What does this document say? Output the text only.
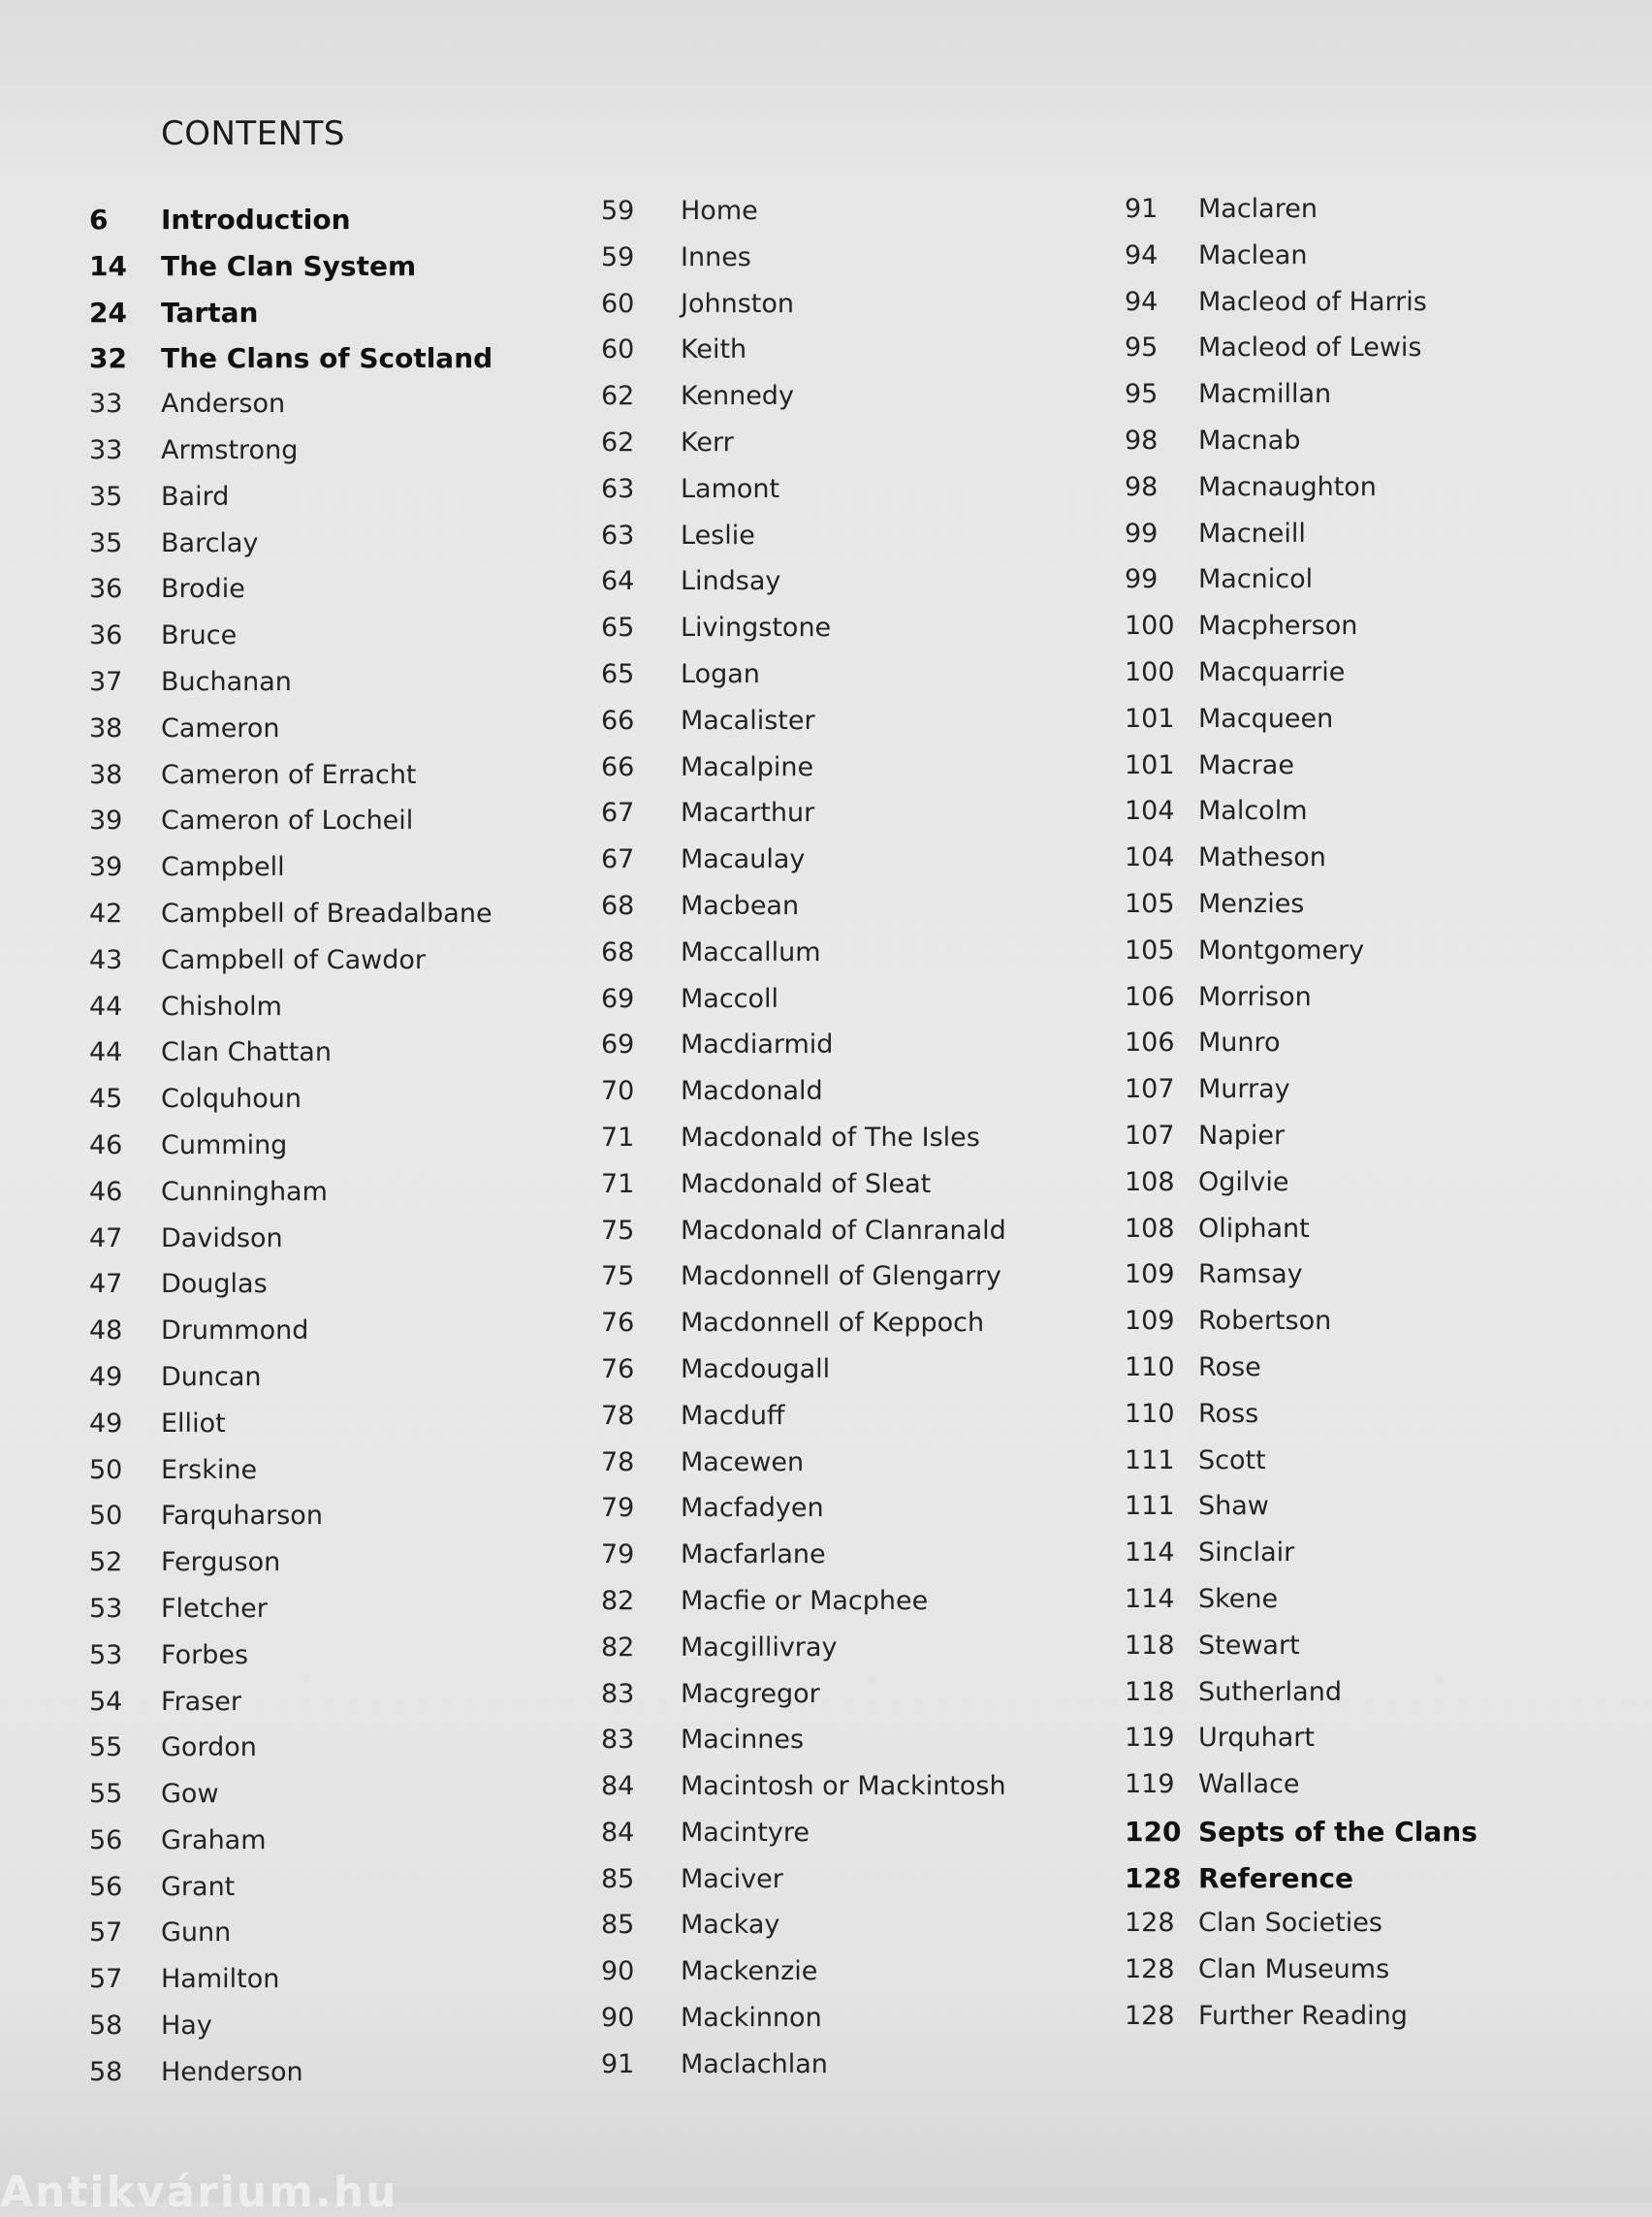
CONTENTS
6	Introduction
14	The Clan System
24	Tartan
32	The Clans of Scotland
33	Anderson
33	Armstrong
35	Baird
35	Barclay
36	Brodie
36	Bruce
37	Buchanan
38	Cameron
38	Cameron of Erracht
39	Cameron of Locheil
39	Campbell
42	Campbell of Breadalbane
43	Campbell of Cawdor
44	Chisholm
44	Clan Chattan
45	Colquhoun
46	Cumming
46	Cunningham
47	Davidson
47	Douglas
48	Drummond
49	Duncan
49	Elliot
50	Erskine
50	Farquharson
52	Ferguson
53	Fletcher
53	Forbes
54	Fraser
55	Gordon
55	Gow
56	Graham
56	Grant
57	Gunn
57	Hamilton
58	Hay
58	Henderson
59	Home
59	Innes
60	Johnston
60	Keith
62	Kennedy
62	Kerr
63	Lamont
63	Leslie
64	Lindsay
65	Livingstone
65	Logan
66	Macalister
66	Macalpine
67	Macarthur
67	Macaulay
68	Macbean
68	Maccallum
69	Maccoll
69	Macdiarmid
70	Macdonald
71	Macdonald of The Isles
71	Macdonald of Sleat
75	Macdonald of Clanranald
75	Macdonnell of Glengarry
76	Macdonnell of Keppoch
76	Macdougall
78	Macduff
78	Macewen
79	Macfadyen
79	Macfarlane
82	Macfie or Macphee
82	Macgillivray
83	Macgregor
83	Macinnes
84	Macintosh or Mackintosh
84	Macintyre
85	Maciver
85	Mackay
90	Mackenzie
90	Mackinnon
91	Maclachlan
91	Maclaren
94	Maclean
94	Macleod of Harris
95	Macleod of Lewis
95	Macmillan
98	Macnab
98	Macnaughton
99	Macneill
99	Macnicol
100 Macpherson
100 Macquarrie
101 Macqueen
101 Macrae
104 Malcolm
104 Matheson
105 Menzies
105 Montgomery
106 Morrison
106 Munro
107 Murray
107 Napier
108 Ogilvie
108 Oliphant
109 Ramsay
109 Robertson
110 Rose
110 Ross
111 Scott
111 Shaw
114 Sinclair
114 Skene
118 Stewart
118 Sutherland
119 Urquhart
119 Wallace
120 Septs of the Clans
128 Reference
128 Clan Societies
128 Clan Museums
128 Further Reading
Antikvárium.hu
